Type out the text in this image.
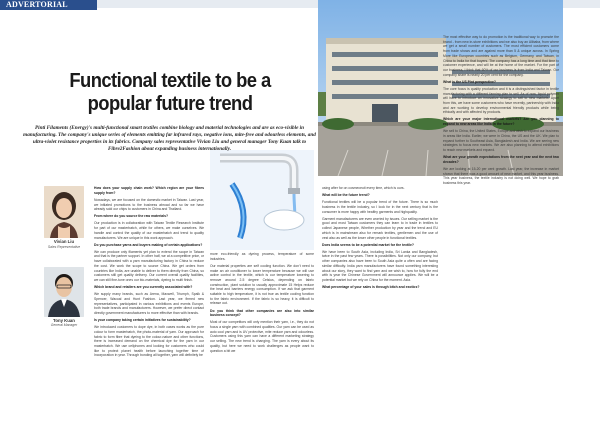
ADVERTORIAL
Functional textile to be a popular future trend

Pinti Filaments (Energy)'s multi-functional smart textiles combine biology and material technologies and are as eco-visible in manufacturing. The company's unique series of elements emitting far infrared rays, negative ions, mite-free and odourless elements, and ultra-violet resistance properties in its fabrics. Company sales representative Vivian Liu and general manager Tony Kuan talk to Fibre2Fashion about expanding business internationally.

Vivian Liu
Sales Representative
Tony Kuan
General Manager

How does your supply chain work? Which region are your fibres supply from?

Nowadays, we are focused on the domestic market in Taiwan. Last year, we initiated promotions to the business abroad and so far we have already sold our chips to customers in China and Thailand.

From where do you source the raw materials?

Our production is in collaboration with Taiwan Textile Research Institute for part of our masterbatch, while for others, we make ourselves. We handle and control the quality of our masterbatch and trend to quality manufacturers. We are unique in this work approach.

Do you purchase yarns and buyers making of certain applications?

We can produce only filaments yet plan to extend the scope in Taiwan and that is the partner support. In other half, we at a competitive price, or have collaborated with a yarn manufacturing factory in China to reduce the cost. We work the scope to source China. We get orders from countries like India, are unable to deliver to them directly from China, so customers still get quality delivery. Our current overall quality facilities, we can still fine-tune ones our bio-materials, dyeing to multi finish.

Which brand and retailers are you currently associated with?

We supply many brands, such as Arena, Maxwell, Triumph, Spalk & Spencer, Wacoal and Hunt Fashion. Last year, we firmed new representatives, participated in various exhibitions and events Europe, both trade brands and manufacturers. However, we prefer direct contact directly government manufacturers to more effective than with brands.

Is your company taking certain initiatives for sustainability?

We introduced customers to dope dye, in both cases works as the pure colour to form masterbatch, the photo-material of yarn. Our approach for fabric to form fibre that dyeing to the colour-nature and other functions, there is increased demand on the chemical dye for the yarn in our masterbatch. We use cellphones and looking for customers who could like to protect planet health before launching together time of Incorporation in year. Through bonding all together, yarn will definitely be

more eco-friendly as dyeing process, temperature of some industries.

Our material properties are self cooling function. We don't need to make an air conditioner to lower temperature because we will use active control in the textile, which is our temperature lowering to remove around 2-5 degree Celsius, depending on fabric construction, plant solution to usually approximate 15 Helps reduce the heat and barriers energy consumption. If we ask that garment suitable to high temperature, it is not true as textile cooling function to the fabric environment. If the fabric is so heavy, it is difficult to release out.

Do you think that other companies are also into similar business concept?

Most of our competitors will only mention their yarn, i.e., they do not focus a single yarn with combined qualities. Our yarn can be used as auto cool yarn and is UV protective, mite reduce yarn and odourless. Customers using this yarn can have a different marketing strategy our selling. The new trend is changing. The yarn is every about its quality, but here we need to work challenges as people want to question a bit we

using after for on cosmeceuti every time, which is ours.

What will be the future trend?

Functional textiles will be a popular trend of the future. There is so much business in the textile industry, so I look for in the next century that is the consumer is more happy with healthy garments and highquality.

Garment manufacturers are even worried by issues. Our selling market is the good and most Taiwan customers they can learn to in trade in textiles to collect Japanese people, Whether production by year and the trend and EU which is in mainstream also for remark textiles, gentlemen and the use of vest also as well as the lower other people in functional textiles.

Does India seems to be a potential market for the textile?

We have been to South Asia, including India, Sri Lanka and Bangladesh, twice in the past few years. There is possibilities. Not only our company, but other companies also have been to South Asia quite a often and are facing similar difficulty. India yarn manufacturers have found something interesting about our story, they want to find yarn and we wish to, how for fully the end with is year the Chinese Government will announce applies. We will be a potential market but we rely on China for the moment. Asia.

What percentage of your sales is through bitch and exotics?

The most effective way to do promotion is the traditional way to promote the brand - from new in-store exhibitions and we also buy an Alibaba, from where we get a small number of customers. The most efficient customers come from trade shows and are against more than 5 & unique across. In Spring More like European countries such as Belgium, Germany, and Taiwan, in China to India for that buyers. The company has a long time and that time to customer experience, and will be at the home of the market. For the part of our business, I think that 60% of our business is from India and Taiwan. Our company share is nearly 20 per cent for the company.

What is the US Pint perspective?

The core focus is quality production and it is a distinguished factor in textile manufacturing with a different fanning plan to sell. As of now, liquid polymer will have to introduce an innovative strategy to sell to new markets. Apart from this, we have some customers who have recently, partnership with India and are working to develop environmental friendly products while being ethically and with affected by products.

Which are your major international markets? Are you planning to expand to new areas like India in the future?

We sell to China, the United States, Europe and wish to expand our business in areas like India. Earlier, we were in China, the US and the UK. We plan to expand further to Southeast Asia, Bangladesh and India. We are seeing new strategies to focus new markets. We are also planning to attend exhibitions to reach new markets and expand.

What are your growth expectations from the next year and the next two decades?

We are looking at 15-20 per cent growth. Last year, the increase in market shown that there was a good amount of new market, and this year business. This year business, the textile industry is not doing well. We hope to grab business this year.
